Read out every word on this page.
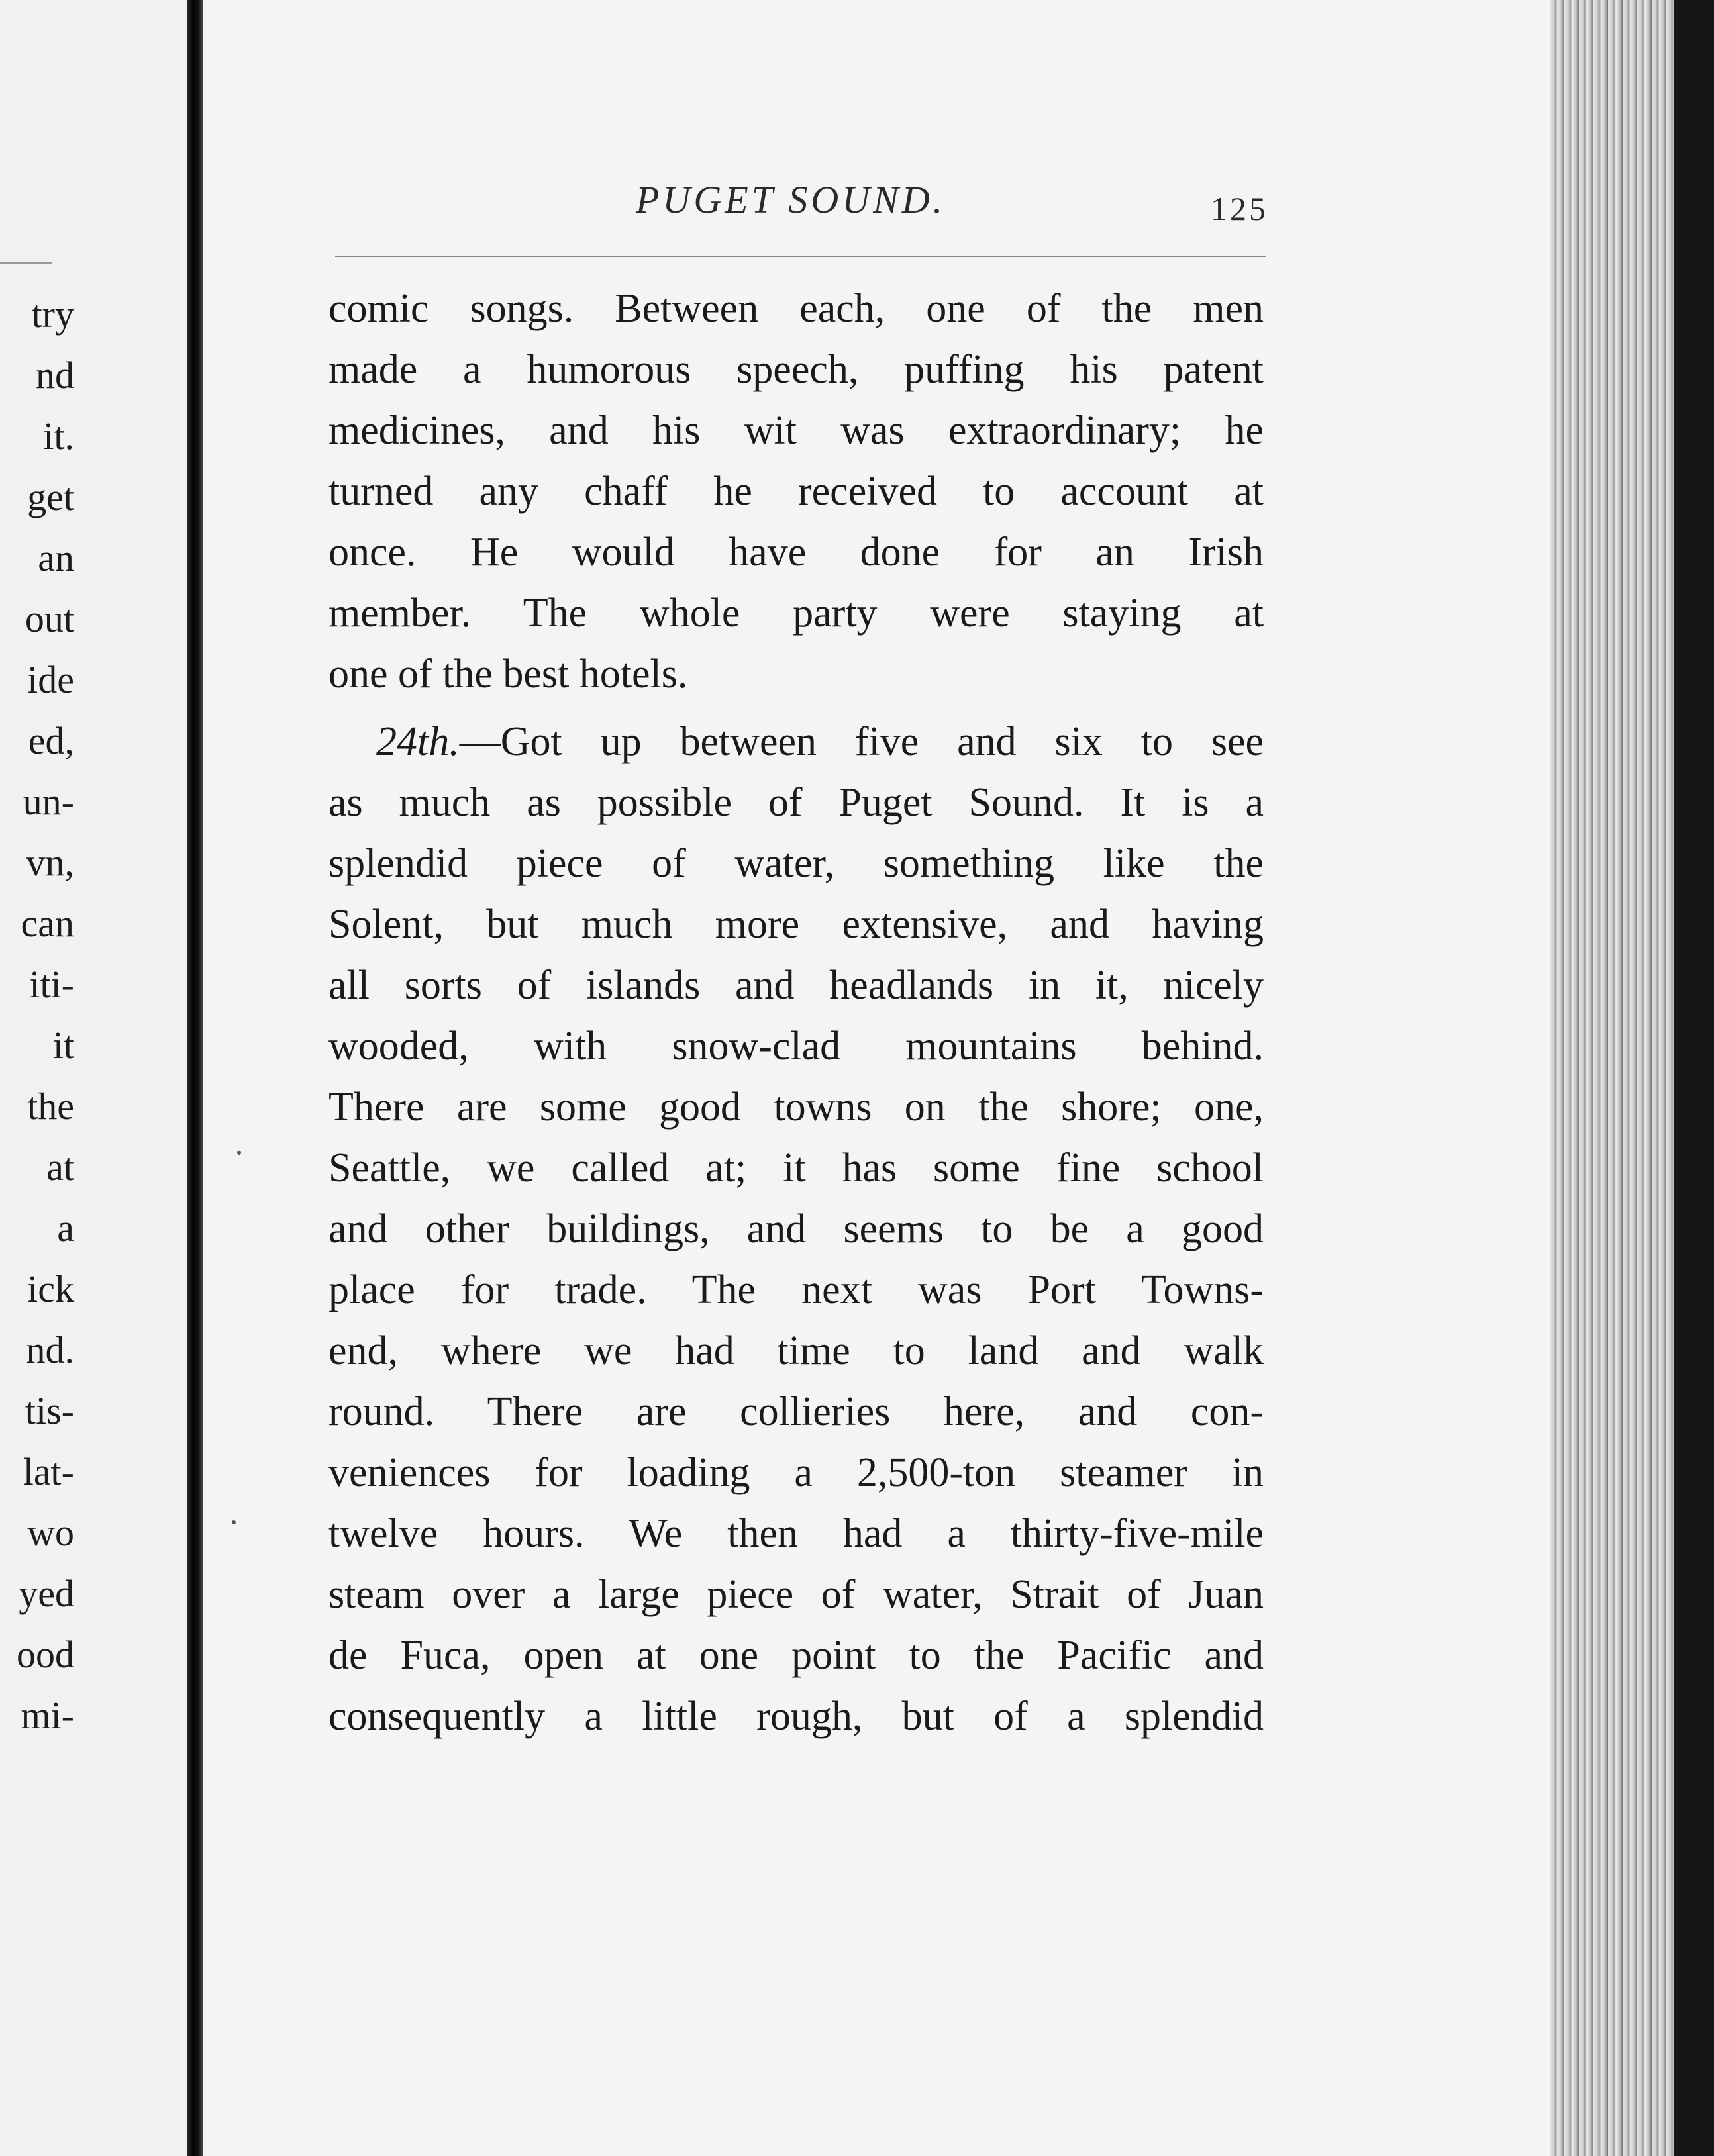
try
nd
it.
get
an
out
ide
ed,
un-
vn,
can
iti-
it
the
at
a
ick
nd.
tis-
lat-
wo
yed
ood
mi-
PUGET SOUND.	125
comic songs. Between each, one of the men
made a humorous speech, puffing his patent
medicines, and his wit was extraordinary; he
turned any chaff he received to account at
once. He would have done for an Irish
member. The whole party were staying at
one of the best hotels.
24th.—Got up between five and six to see
as much as possible of Puget Sound. It is a
splendid piece of water, something like the
Solent, but much more extensive, and having
all sorts of islands and headlands in it, nicely
wooded, with snow-clad mountains behind.
There are some good towns on the shore; one,
Seattle, we called at; it has some fine school
and other buildings, and seems to be a good
place for trade. The next was Port Towns-
end, where we had time to land and walk
round. There are collieries here, and con-
veniences for loading a 2,500-ton steamer in
twelve hours. We then had a thirty-five-mile
steam over a large piece of water, Strait of Juan
de Fuca, open at one point to the Pacific and
consequently a little rough, but of a splendid
